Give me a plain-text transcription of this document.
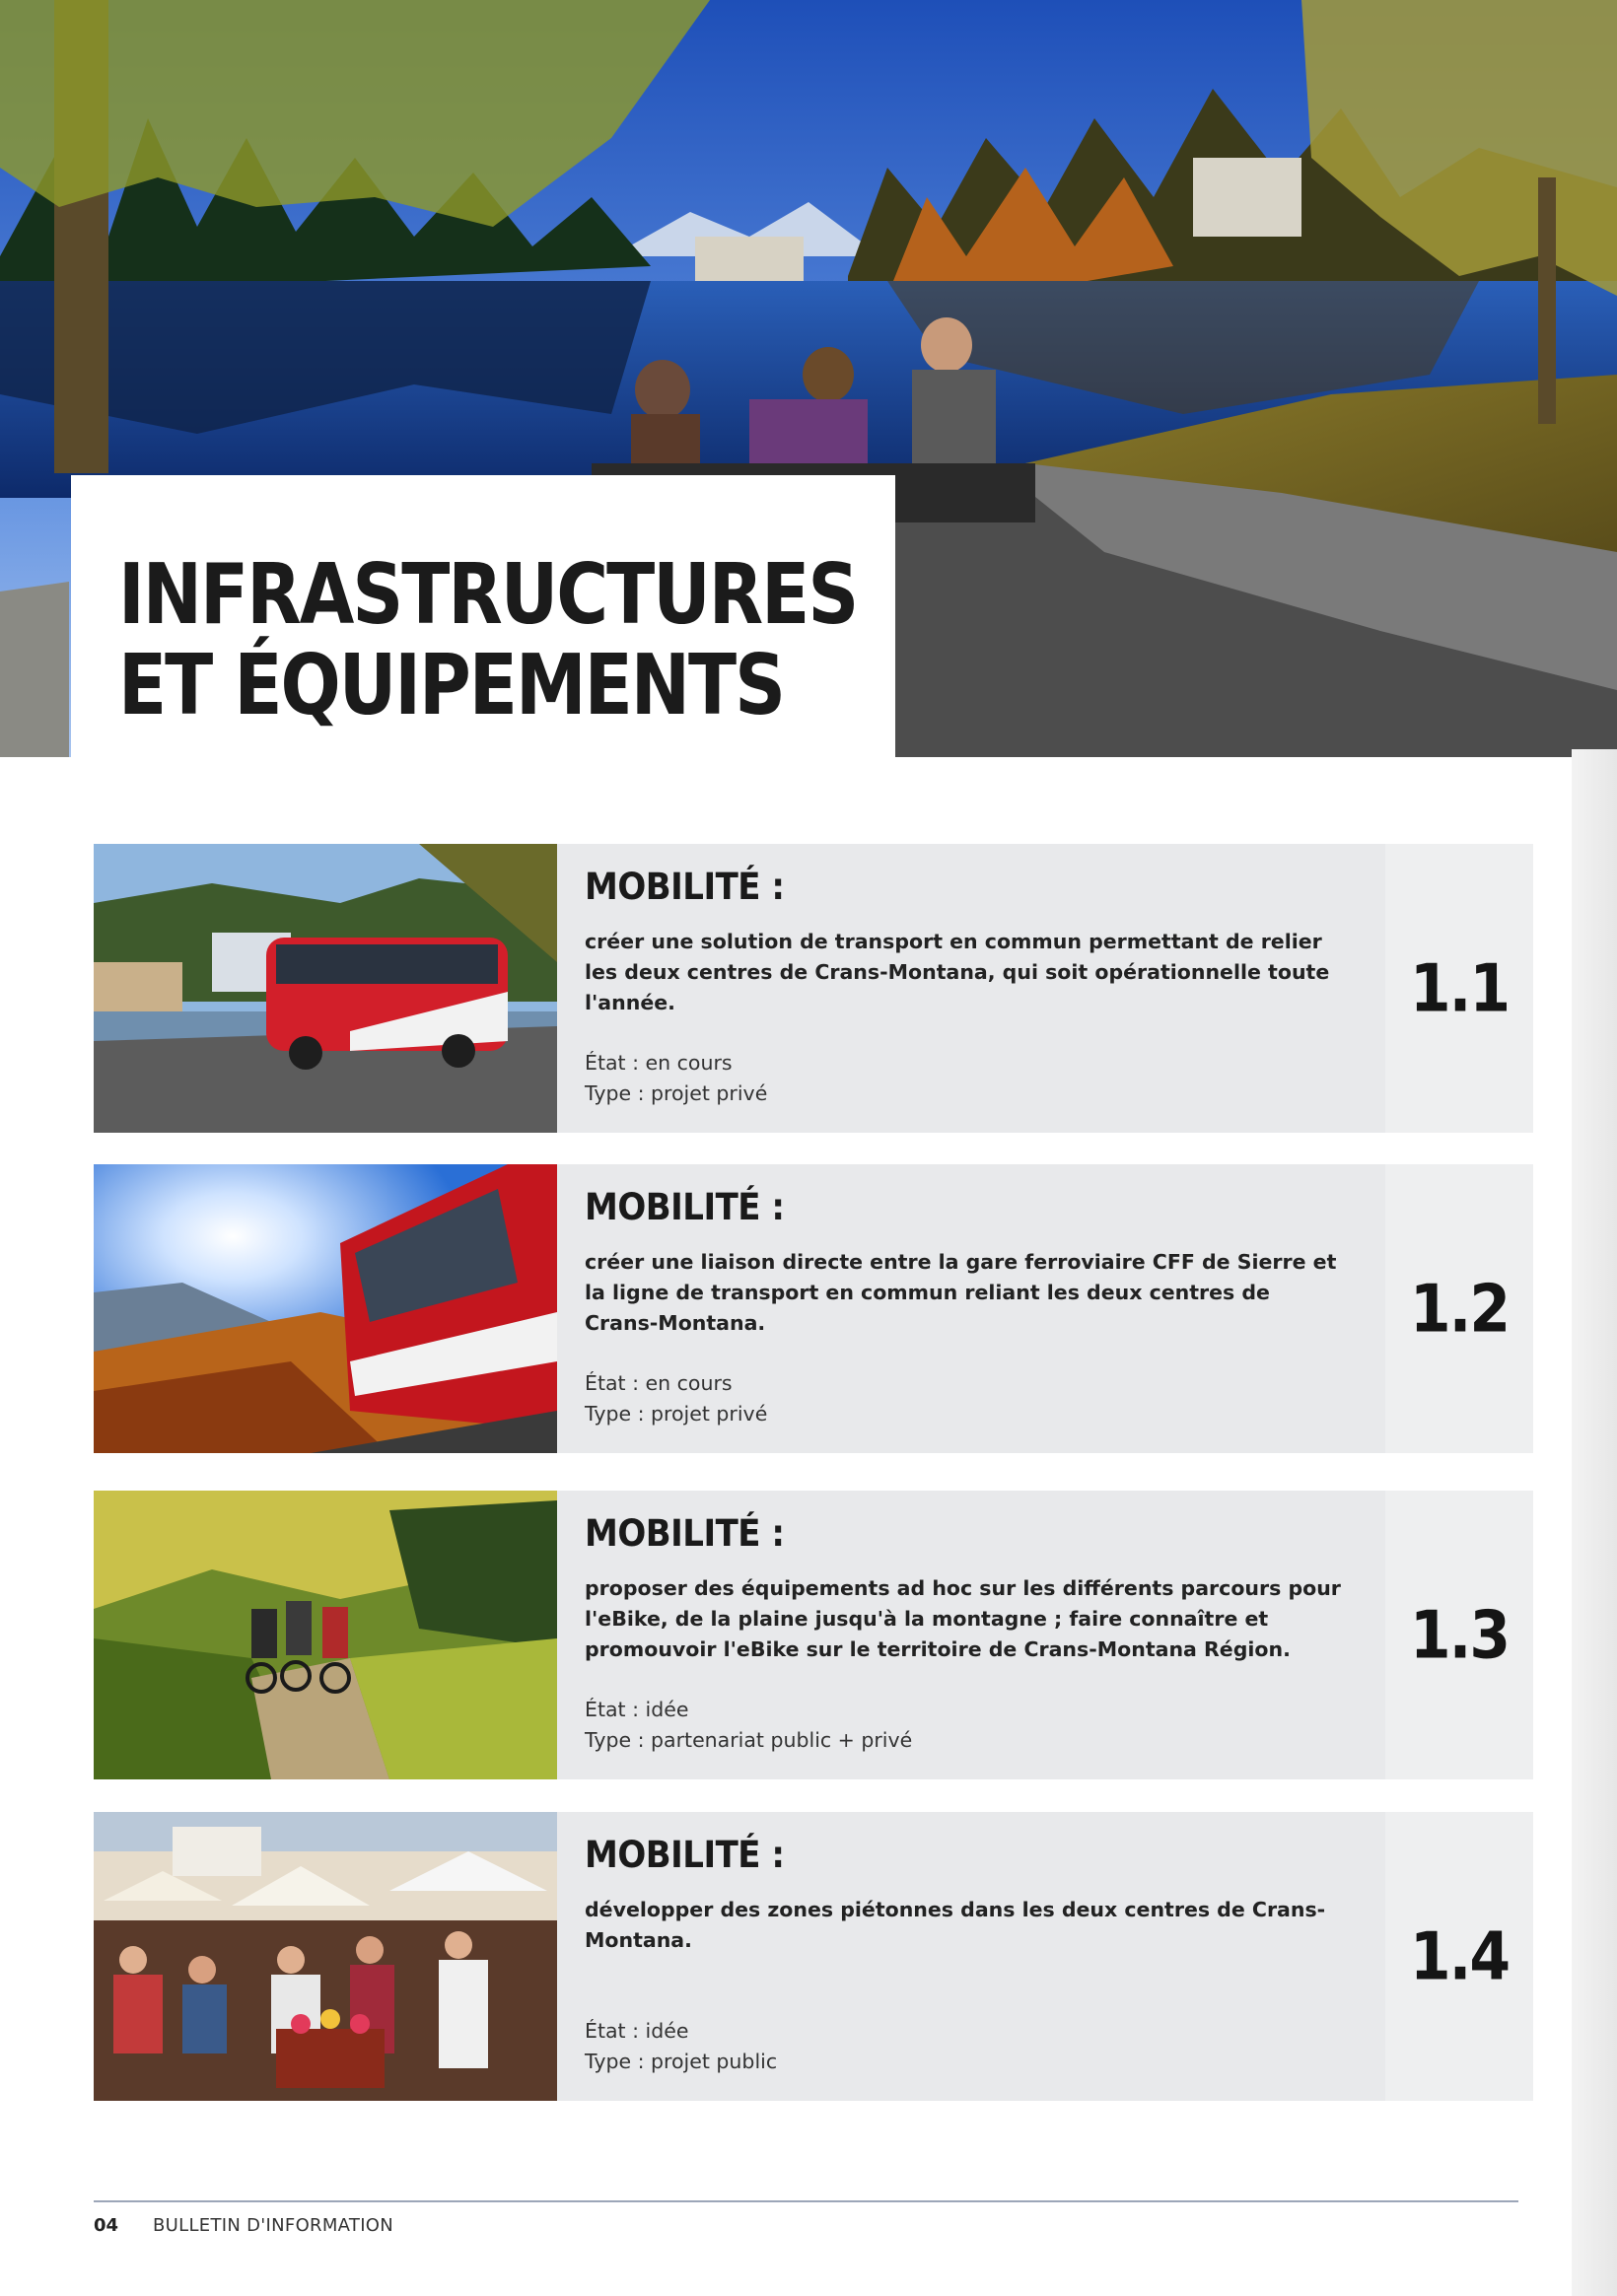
INFRASTRUCTURES
ET ÉQUIPEMENTS
MOBILITÉ :
créer une solution de transport en commun permettant de relier les deux centres de Crans-Montana, qui soit opérationnelle toute l'année.
État : en cours
Type : projet privé
1.1
MOBILITÉ :
créer une liaison directe entre la gare ferroviaire CFF de Sierre et la ligne de transport en commun reliant les deux centres de Crans-Montana.
État : en cours
Type : projet privé
1.2
MOBILITÉ :
proposer des équipements ad hoc sur les différents parcours pour l'eBike, de la plaine jusqu'à la montagne ; faire connaître et promouvoir l'eBike sur le territoire de Crans-Montana Région.
État : idée
Type : partenariat public + privé
1.3
MOBILITÉ :
développer des zones piétonnes dans les deux centres de Crans-Montana.
État : idée
Type : projet public
1.4
04 BULLETIN D'INFORMATION
